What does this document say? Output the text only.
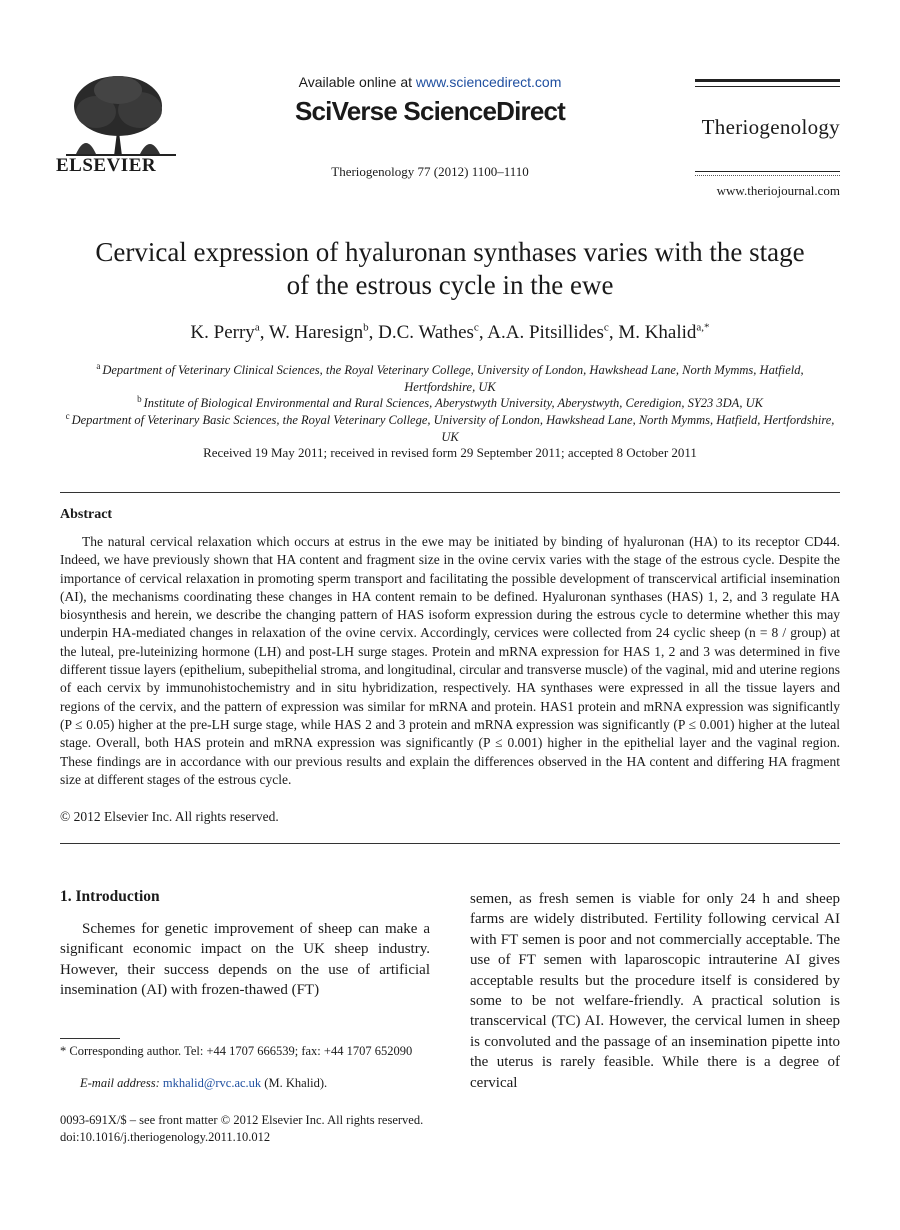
ELSEVIER
Available online at www.sciencedirect.com
SciVerse ScienceDirect
Theriogenology 77 (2012) 1100–1110
Theriogenology
www.theriojournal.com
Cervical expression of hyaluronan synthases varies with the stage
of the estrous cycle in the ewe
K. Perry$^a$, W. Haresign$^b$, D.C. Wathes$^c$, A.A. Pitsillides$^c$, M. Khalid$^{a,*}$
$^a$ Department of Veterinary Clinical Sciences, the Royal Veterinary College, University of London, Hawkshead Lane, North Mymms, Hatfield, Hertfordshire, UK
$^b$ Institute of Biological Environmental and Rural Sciences, Aberystwyth University, Aberystwyth, Ceredigion, SY23 3DA, UK
$^c$ Department of Veterinary Basic Sciences, the Royal Veterinary College, University of London, Hawkshead Lane, North Mymms, Hatfield, Hertfordshire, UK
Received 19 May 2011; received in revised form 29 September 2011; accepted 8 October 2011
Abstract

The natural cervical relaxation which occurs at estrus in the ewe may be initiated by binding of hyaluronan (HA) to its receptor CD44. Indeed, we have previously shown that HA content and fragment size in the ovine cervix varies with the stage of the estrous cycle. Despite the importance of cervical relaxation in promoting sperm transport and facilitating the possible development of transcervical artificial insemination (AI), the mechanisms coordinating these changes in HA content remain to be defined. Hyaluronan synthases (HAS) 1, 2, and 3 regulate HA biosynthesis and herein, we describe the changing pattern of HAS isoform expression during the estrous cycle to determine whether this may underpin HA-mediated changes in relaxation of the ovine cervix. Accordingly, cervices were collected from 24 cyclic sheep (n = 8 / group) at the luteal, pre-luteinizing hormone (LH) and post-LH surge stages. Protein and mRNA expression for HAS 1, 2 and 3 was determined in five different tissue layers (epithelium, subepithelial stroma, and longitudinal, circular and transverse muscle) of the vaginal, mid and uterine regions of each cervix by immunohistochemistry and in situ hybridization, respectively. HA synthases were expressed in all the tissue layers and regions of the cervix, and the pattern of expression was similar for mRNA and protein. HAS1 protein and mRNA expression was significantly (P ≤ 0.05) higher at the pre-LH surge stage, while HAS 2 and 3 protein and mRNA expression was significantly (P ≤ 0.001) higher at the luteal stage. Overall, both HAS protein and mRNA expression was significantly (P ≤ 0.001) higher in the epithelial layer and the vaginal region. These findings are in accordance with our previous results and explain the differences observed in the HA content and differing HA fragment size at different stages of the estrous cycle.

© 2012 Elsevier Inc. All rights reserved.
1. Introduction

Schemes for genetic improvement of sheep can make a significant economic impact on the UK sheep industry. However, their success depends on the use of artificial insemination (AI) with frozen-thawed (FT)

semen, as fresh semen is viable for only 24 h and sheep farms are widely distributed. Fertility following cervical AI with FT semen is poor and not commercially acceptable. The use of FT semen with laparoscopic intrauterine AI gives acceptable results but the procedure itself is considered by some to be not welfare-friendly. A practical solution is transcervical (TC) AI. However, the cervical lumen in sheep is convoluted and the passage of an insemination pipette into the uterus is rarely feasible. While there is a degree of cervical

* Corresponding author. Tel: +44 1707 666539; fax: +44 1707 652090
E-mail address: mkhalid@rvc.ac.uk (M. Khalid).
0093-691X/$ – see front matter © 2012 Elsevier Inc. All rights reserved.
doi:10.1016/j.theriogenology.2011.10.012
